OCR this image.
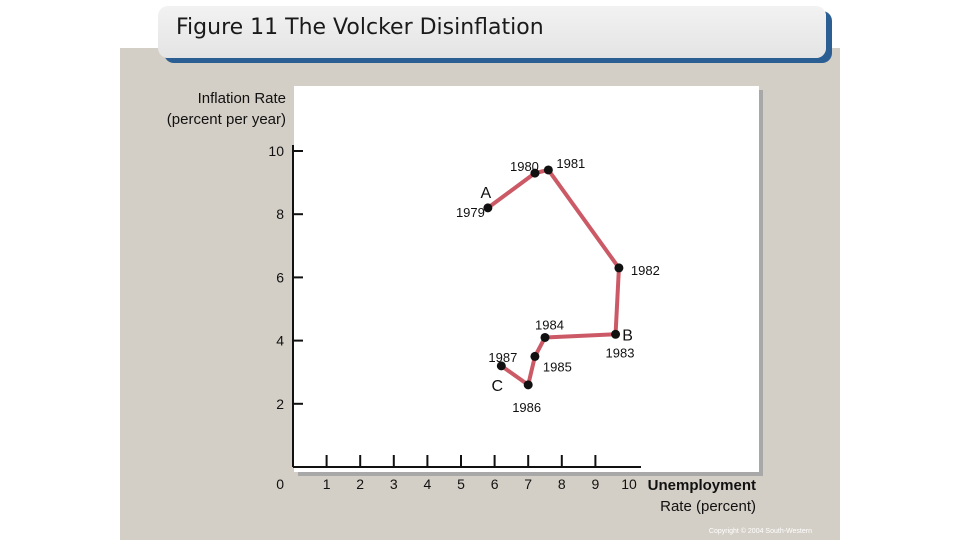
Figure 11 The Volcker Disinflation
Inflation Rate
(percent per year)
Unemployment
Rate (percent)
2
4
6
8
10
0	1 2 3 4 5 6 7 8 9 10
1979
1980 1981
1982
1983
1984
1985
1986
1987
A
B
C
Copyright © 2004 South-Western
